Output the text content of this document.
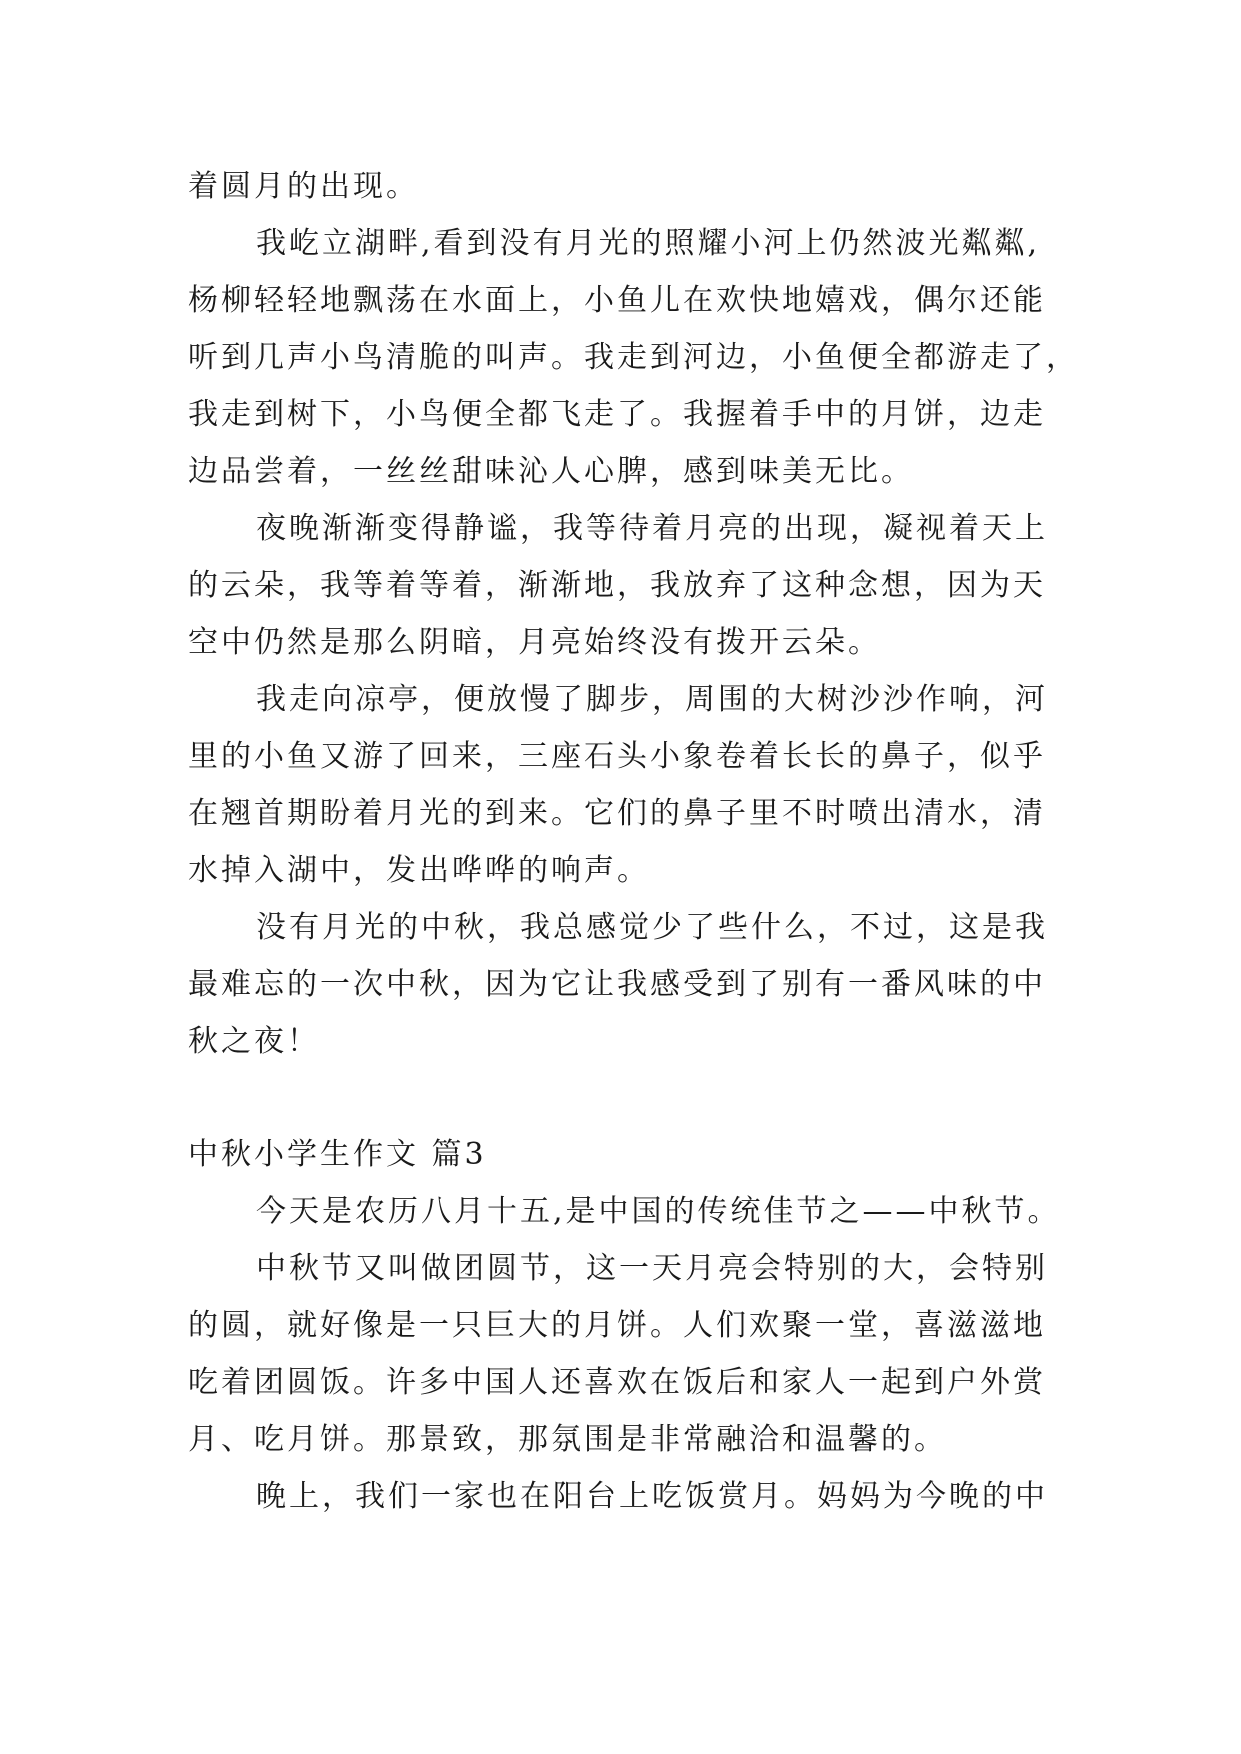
着圆月的出现。
我屹立湖畔,看到没有月光的照耀小河上仍然波光粼粼,
杨柳轻轻地飘荡在水面上，小鱼儿在欢快地嬉戏，偶尔还能
听到几声小鸟清脆的叫声。我走到河边，小鱼便全都游走了，
我走到树下，小鸟便全都飞走了。我握着手中的月饼，边走
边品尝着，一丝丝甜味沁人心脾，感到味美无比。
夜晚渐渐变得静谧，我等待着月亮的出现，凝视着天上
的云朵，我等着等着，渐渐地，我放弃了这种念想，因为天
空中仍然是那么阴暗，月亮始终没有拨开云朵。
我走向凉亭，便放慢了脚步，周围的大树沙沙作响，河
里的小鱼又游了回来，三座石头小象卷着长长的鼻子，似乎
在翘首期盼着月光的到来。它们的鼻子里不时喷出清水，清
水掉入湖中，发出哗哗的响声。
没有月光的中秋，我总感觉少了些什么，不过，这是我
最难忘的一次中秋，因为它让我感受到了别有一番风味的中
秋之夜！
中秋小学生作文 篇3
今天是农历八月十五,是中国的传统佳节之——中秋节。
中秋节又叫做团圆节，这一天月亮会特别的大，会特别
的圆，就好像是一只巨大的月饼。人们欢聚一堂，喜滋滋地
吃着团圆饭。许多中国人还喜欢在饭后和家人一起到户外赏
月、吃月饼。那景致，那氛围是非常融洽和温馨的。
晚上，我们一家也在阳台上吃饭赏月。妈妈为今晚的中
